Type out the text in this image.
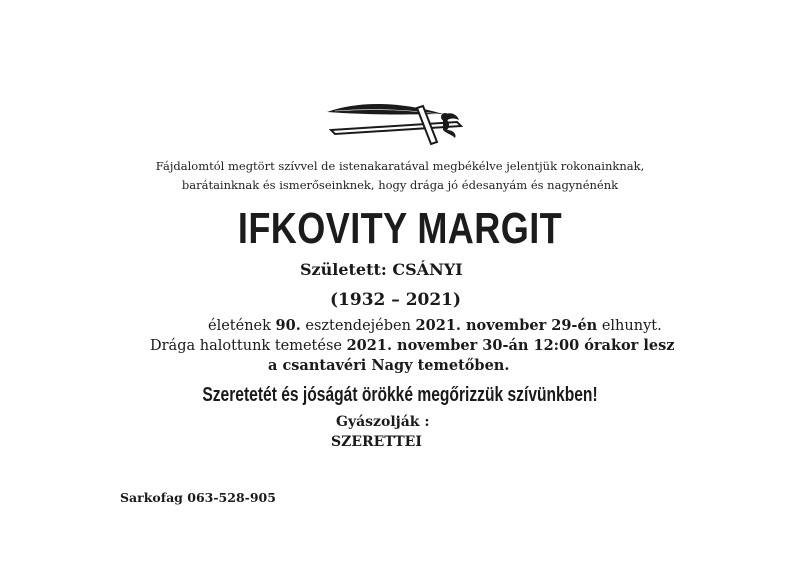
Fájdalomtól megtört szívvel de istenakaratával megbékélve jelentjük rokonainknak,
barátainknak és ismerőseinknek, hogy drága jó édesanyám és nagynénénk
IFKOVITY MARGIT
Született: CSÁNYI
(1932 – 2021)
életének 90. esztendejében 2021. november 29-én elhunyt.
Drága halottunk temetése 2021. november 30-án 12:00 órakor lesz
a csantavéri Nagy temetőben.
Szeretetét és jóságát örökké megőrizzük szívünkben!
Gyászolják :
SZERETTEI
Sarkofag 063-528-905
